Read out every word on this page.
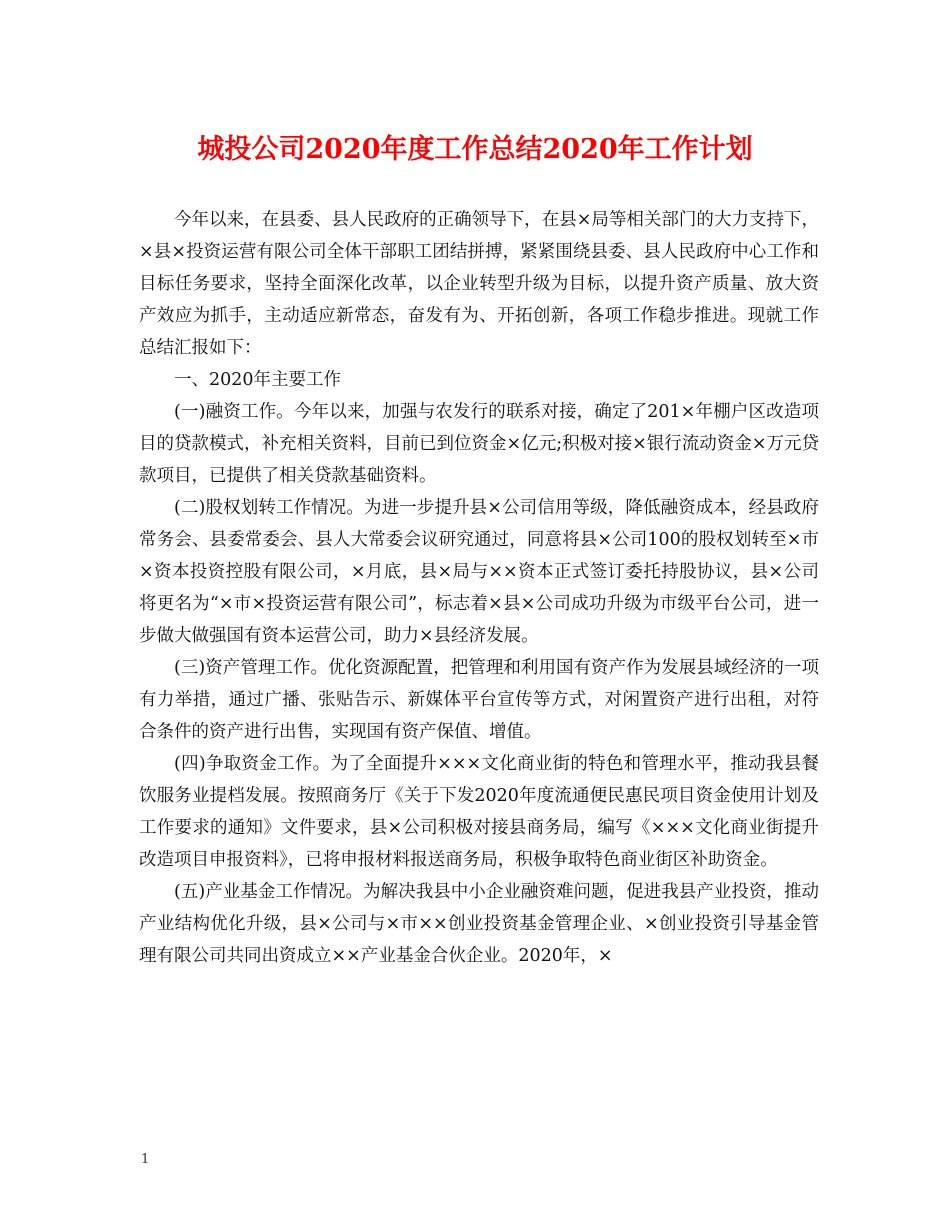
城投公司2020年度工作总结2020年工作计划

今年以来，在县委、县人民政府的正确领导下，在县×局等相关部门的大力支持下，×县×投资运营有限公司全体干部职工团结拼搏，紧紧围绕县委、县人民政府中心工作和目标任务要求，坚持全面深化改革，以企业转型升级为目标，以提升资产质量、放大资产效应为抓手，主动适应新常态，奋发有为、开拓创新，各项工作稳步推进。现就工作总结汇报如下：

一、2020年主要工作

(一)融资工作。今年以来，加强与农发行的联系对接，确定了201×年棚户区改造项目的贷款模式，补充相关资料，目前已到位资金×亿元;积极对接×银行流动资金×万元贷款项目，已提供了相关贷款基础资料。

(二)股权划转工作情况。为进一步提升县×公司信用等级，降低融资成本，经县政府常务会、县委常委会、县人大常委会议研究通过，同意将县×公司100的股权划转至×市×资本投资控股有限公司，×月底，县×局与××资本正式签订委托持股协议，县×公司将更名为“×市×投资运营有限公司”，标志着×县×公司成功升级为市级平台公司，进一步做大做强国有资本运营公司，助力×县经济发展。

(三)资产管理工作。优化资源配置，把管理和利用国有资产作为发展县域经济的一项有力举措，通过广播、张贴告示、新媒体平台宣传等方式，对闲置资产进行出租，对符合条件的资产进行出售，实现国有资产保值、增值。

(四)争取资金工作。为了全面提升×××文化商业街的特色和管理水平，推动我县餐饮服务业提档发展。按照商务厅《关于下发2020年度流通便民惠民项目资金使用计划及工作要求的通知》文件要求，县×公司积极对接县商务局，编写《×××文化商业街提升改造项目申报资料》，已将申报材料报送商务局，积极争取特色商业街区补助资金。

(五)产业基金工作情况。为解决我县中小企业融资难问题，促进我县产业投资，推动产业结构优化升级，县×公司与×市××创业投资基金管理企业、×创业投资引导基金管理有限公司共同出资成立××产业基金合伙企业。2020年，×

1
